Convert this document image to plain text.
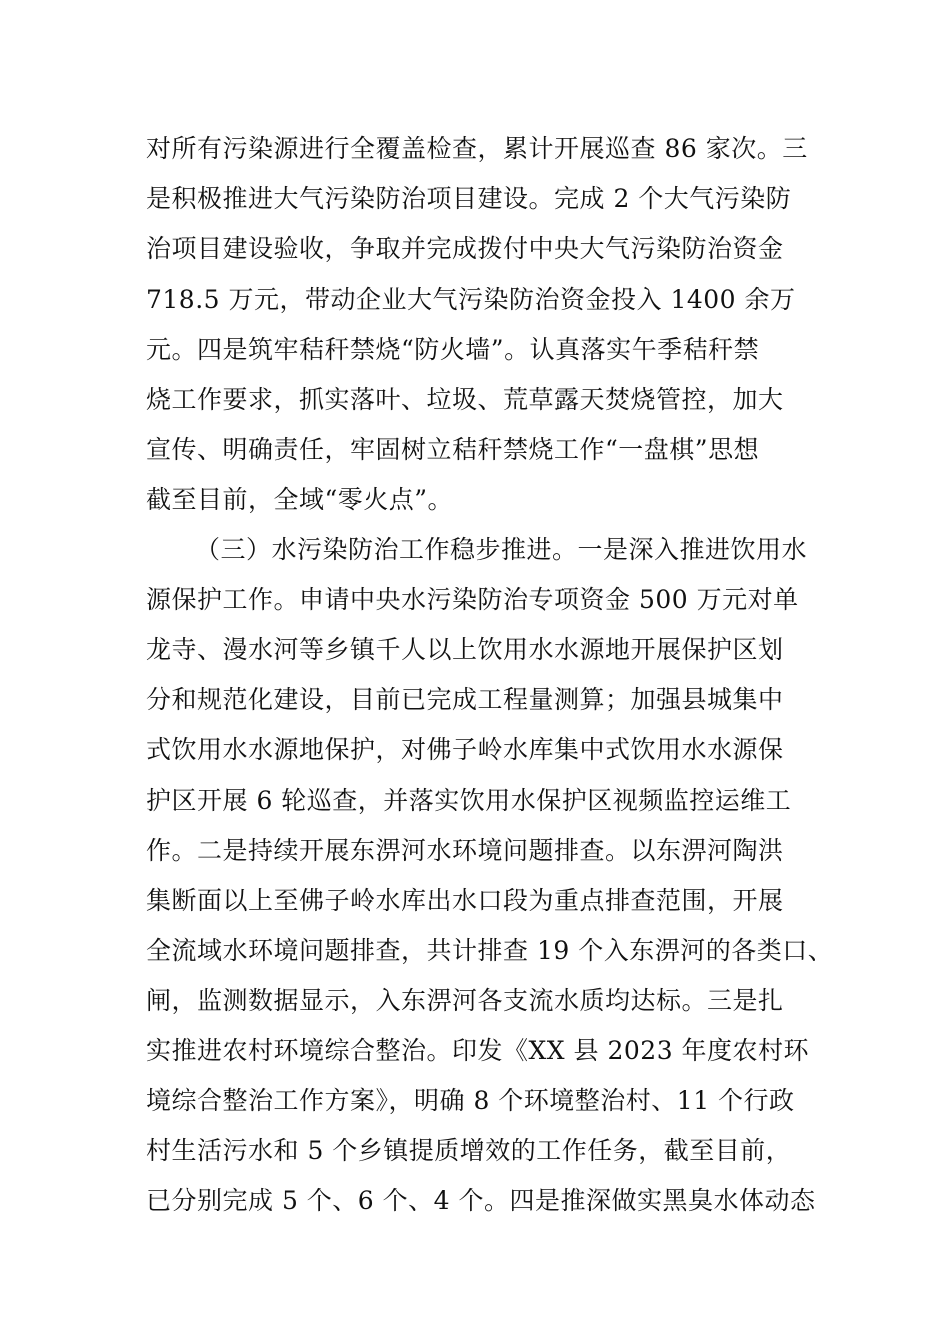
对所有污染源进行全覆盖检查，累计开展巡查 86 家次。三
是积极推进大气污染防治项目建设。完成 2 个大气污染防
治项目建设验收，争取并完成拨付中央大气污染防治资金
718.5 万元，带动企业大气污染防治资金投入 1400 余万
元。四是筑牢秸秆禁烧“防火墙”。认真落实午季秸秆禁
烧工作要求，抓实落叶、垃圾、荒草露天焚烧管控，加大
宣传、明确责任，牢固树立秸秆禁烧工作“一盘棋”思想
截至目前，全域“零火点”。
（三）水污染防治工作稳步推进。一是深入推进饮用水
源保护工作。申请中央水污染防治专项资金 500 万元对单
龙寺、漫水河等乡镇千人以上饮用水水源地开展保护区划
分和规范化建设，目前已完成工程量测算；加强县城集中
式饮用水水源地保护，对佛子岭水库集中式饮用水水源保
护区开展 6 轮巡查，并落实饮用水保护区视频监控运维工
作。二是持续开展东淠河水环境问题排查。以东淠河陶洪
集断面以上至佛子岭水库出水口段为重点排查范围，开展
全流域水环境问题排查，共计排查 19 个入东淠河的各类口、
闸，监测数据显示，入东淠河各支流水质均达标。三是扎
实推进农村环境综合整治。印发《XX 县 2023 年度农村环
境综合整治工作方案》，明确 8 个环境整治村、11 个行政
村生活污水和 5 个乡镇提质增效的工作任务，截至目前，
已分别完成 5 个、6 个、4 个。四是推深做实黑臭水体动态
